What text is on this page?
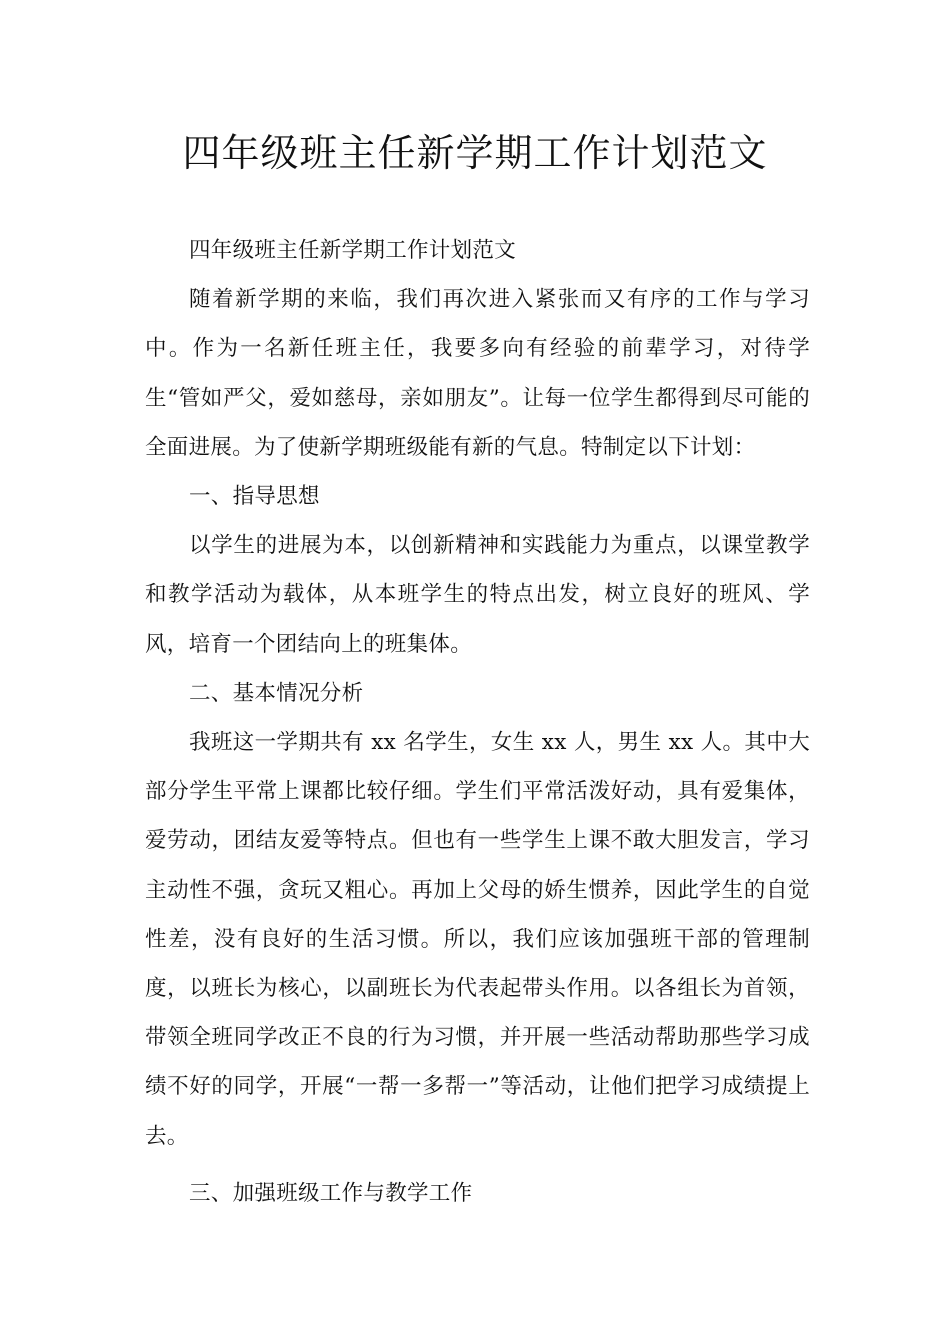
四年级班主任新学期工作计划范文

四年级班主任新学期工作计划范文

随着新学期的来临，我们再次进入紧张而又有序的工作与学习中。作为一名新任班主任，我要多向有经验的前辈学习，对待学生“管如严父，爱如慈母，亲如朋友”。让每一位学生都得到尽可能的全面进展。为了使新学期班级能有新的气息。特制定以下计划：

一、指导思想

以学生的进展为本，以创新精神和实践能力为重点，以课堂教学和教学活动为载体，从本班学生的特点出发，树立良好的班风、学风，培育一个团结向上的班集体。

二、基本情况分析

我班这一学期共有 xx 名学生，女生 xx 人，男生 xx 人。其中大部分学生平常上课都比较仔细。学生们平常活泼好动，具有爱集体，爱劳动，团结友爱等特点。但也有一些学生上课不敢大胆发言，学习主动性不强，贪玩又粗心。再加上父母的娇生惯养，因此学生的自觉性差，没有良好的生活习惯。所以，我们应该加强班干部的管理制度，以班长为核心，以副班长为代表起带头作用。以各组长为首领，带领全班同学改正不良的行为习惯，并开展一些活动帮助那些学习成绩不好的同学，开展“一帮一多帮一”等活动，让他们把学习成绩提上去。

三、加强班级工作与教学工作
